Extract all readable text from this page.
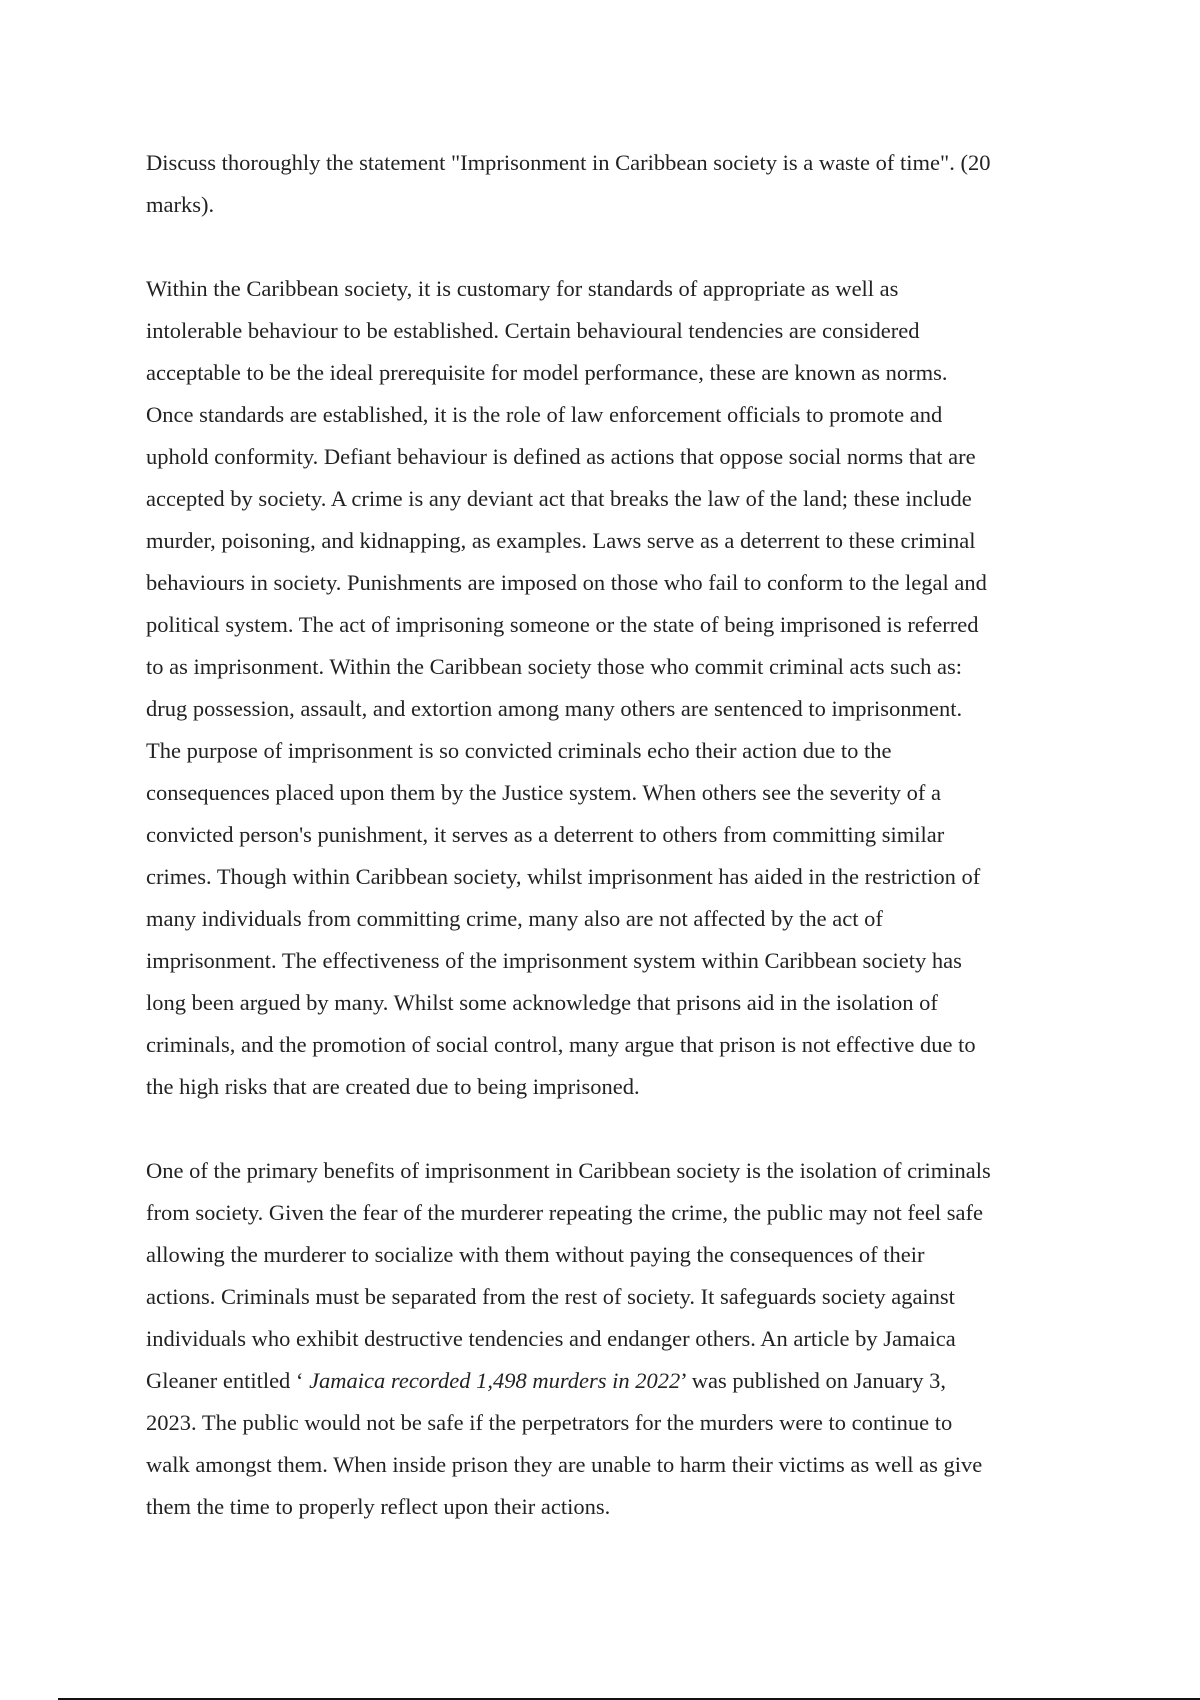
Discuss thoroughly the statement "Imprisonment in Caribbean society is a waste of time". (20
marks).
Within the Caribbean society, it is customary for standards of appropriate as well as
intolerable behaviour to be established. Certain behavioural tendencies are considered
acceptable to be the ideal prerequisite for model performance, these are known as norms.
Once standards are established, it is the role of law enforcement officials to promote and
uphold conformity. Defiant behaviour is defined as actions that oppose social norms that are
accepted by society. A crime is any deviant act that breaks the law of the land; these include
murder, poisoning, and kidnapping, as examples. Laws serve as a deterrent to these criminal
behaviours in society. Punishments are imposed on those who fail to conform to the legal and
political system. The act of imprisoning someone or the state of being imprisoned is referred
to as imprisonment. Within the Caribbean society those who commit criminal acts such as:
drug possession, assault, and extortion among many others are sentenced to imprisonment.
The purpose of imprisonment is so convicted criminals echo their action due to the
consequences placed upon them by the Justice system. When others see the severity of a
convicted person's punishment, it serves as a deterrent to others from committing similar
crimes. Though within Caribbean society, whilst imprisonment has aided in the restriction of
many individuals from committing crime, many also are not affected by the act of
imprisonment. The effectiveness of the imprisonment system within Caribbean society has
long been argued by many. Whilst some acknowledge that prisons aid in the isolation of
criminals, and the promotion of social control, many argue that prison is not effective due to
the high risks that are created due to being imprisoned.
One of the primary benefits of imprisonment in Caribbean society is the isolation of criminals
from society. Given the fear of the murderer repeating the crime, the public may not feel safe
allowing the murderer to socialize with them without paying the consequences of their
actions. Criminals must be separated from the rest of society. It safeguards society against
individuals who exhibit destructive tendencies and endanger others. An article by Jamaica
Gleaner entitled ‘ Jamaica recorded 1,498 murders in 2022’ was published on January 3,
2023. The public would not be safe if the perpetrators for the murders were to continue to
walk amongst them. When inside prison they are unable to harm their victims as well as give
them the time to properly reflect upon their actions.
